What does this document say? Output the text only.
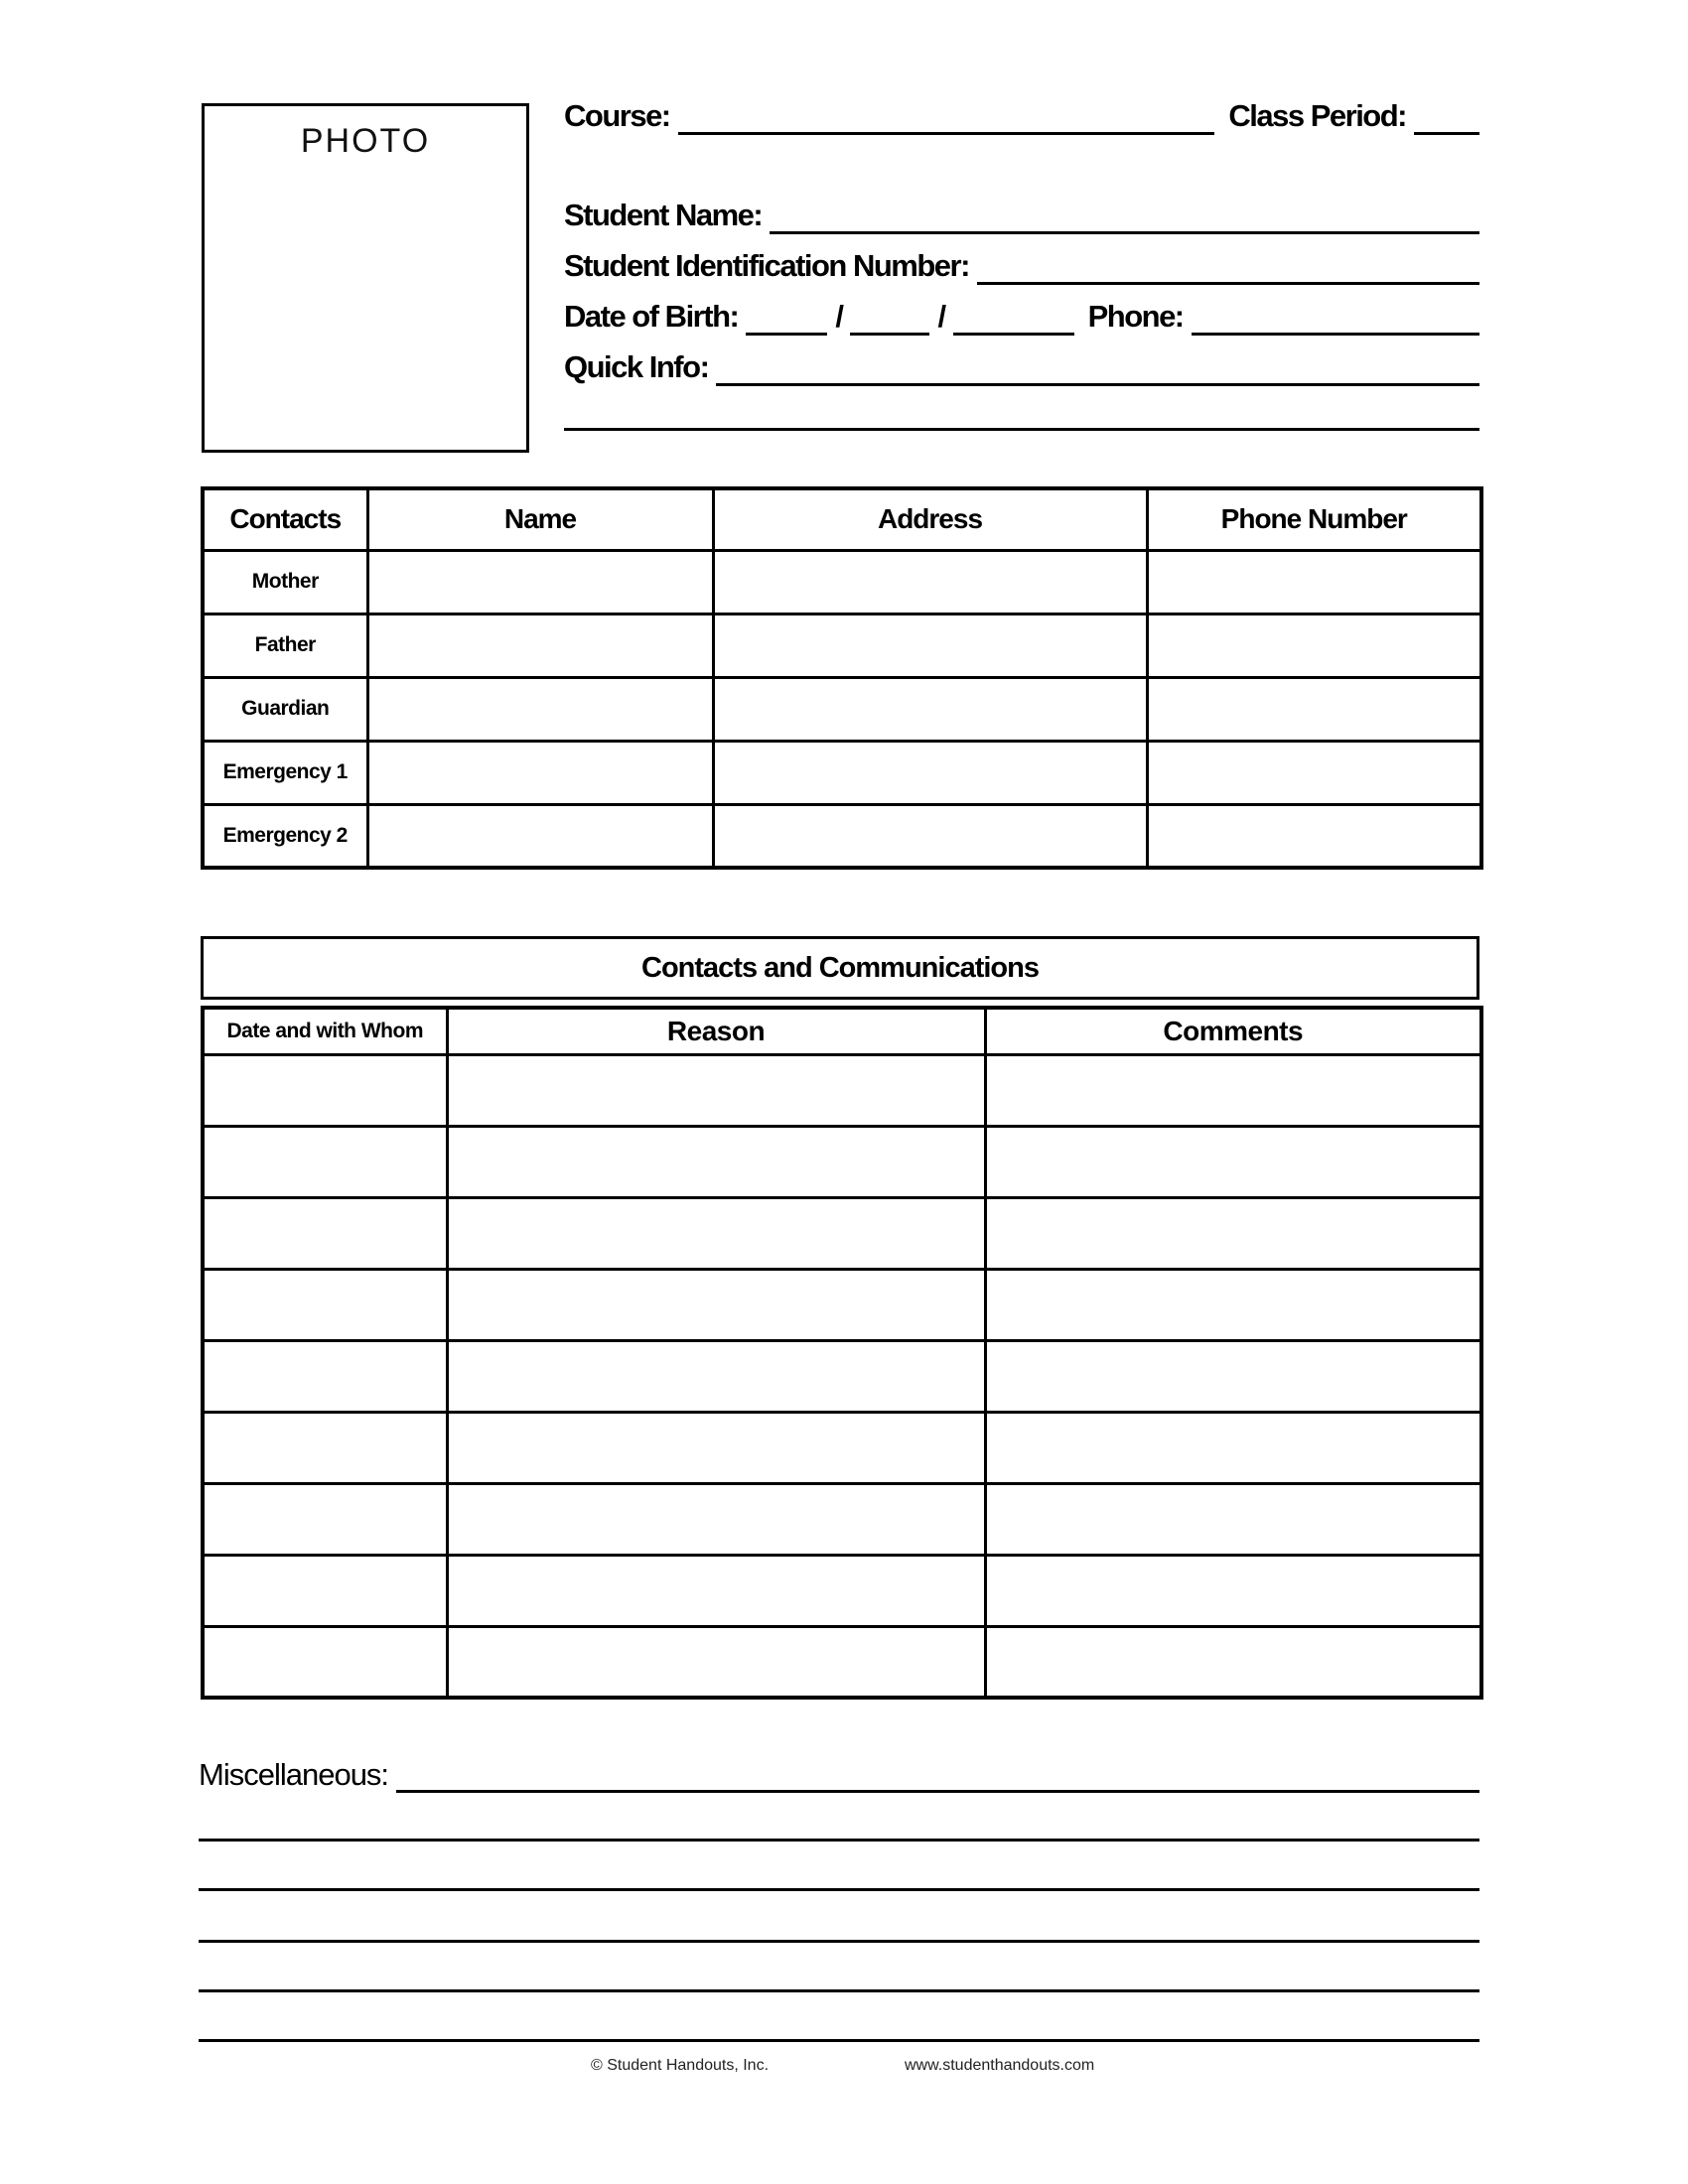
PHOTO
Course:	Class Period:
Student Name:
Student Identification Number:
Date of Birth:	/	/	Phone:
Quick Info:
Contacts	Name	Address	Phone Number
Mother			
Father			
Guardian			
Emergency 1			
Emergency 2			
Contacts and Communications
Date and with Whom	Reason	Comments

Miscellaneous:
© Student Handouts, Inc.	www.studenthandouts.com
